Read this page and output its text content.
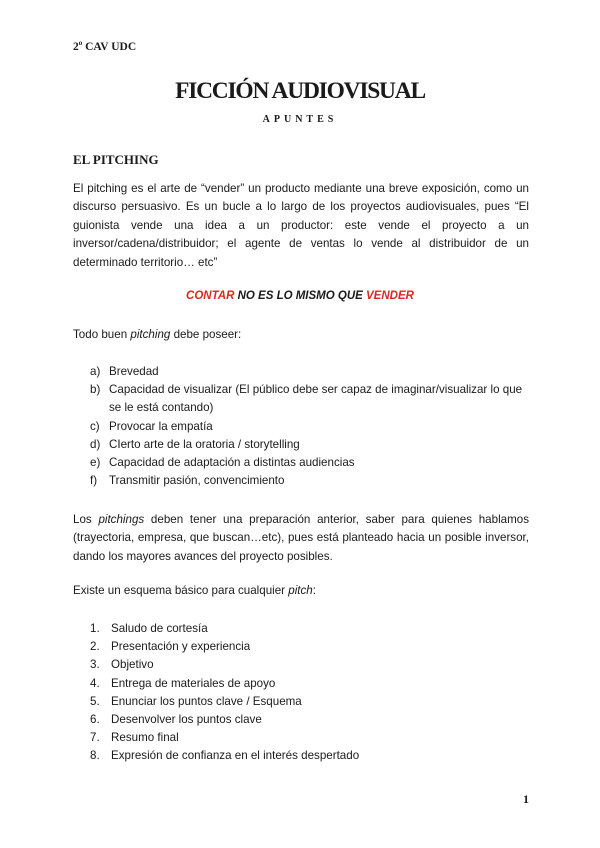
2$^o$ CAV UDC
FICCIÓN AUDIOVISUAL
APUNTES
EL PITCHING
El pitching es el arte de “vender” un producto mediante una breve exposición, como un discurso persuasivo. Es un bucle a lo largo de los proyectos audiovisuales, pues “El guionista vende una idea a un productor: este vende el proyecto a un inversor/cadena/distribuidor; el agente de ventas lo vende al distribuidor de un determinado territorio… etc”
CONTAR NO ES LO MISMO QUE VENDER
Todo buen pitching debe poseer:
a) Brevedad
b) Capacidad de visualizar (El público debe ser capaz de imaginar/visualizar lo que se le está contando)
c) Provocar la empatía
d) CIerto arte de la oratoria / storytelling
e) Capacidad de adaptación a distintas audiencias
f) Transmitir pasión, convencimiento
Los pitchings deben tener una preparación anterior, saber para quienes hablamos (trayectoria, empresa, que buscan…etc), pues está planteado hacia un posible inversor, dando los mayores avances del proyecto posibles.
Existe un esquema básico para cualquier pitch:
1. Saludo de cortesía
2. Presentación y experiencia
3. Objetivo
4. Entrega de materiales de apoyo
5. Enunciar los puntos clave / Esquema
6. Desenvolver los puntos clave
7. Resumo final
8. Expresión de confianza en el interés despertado
1
